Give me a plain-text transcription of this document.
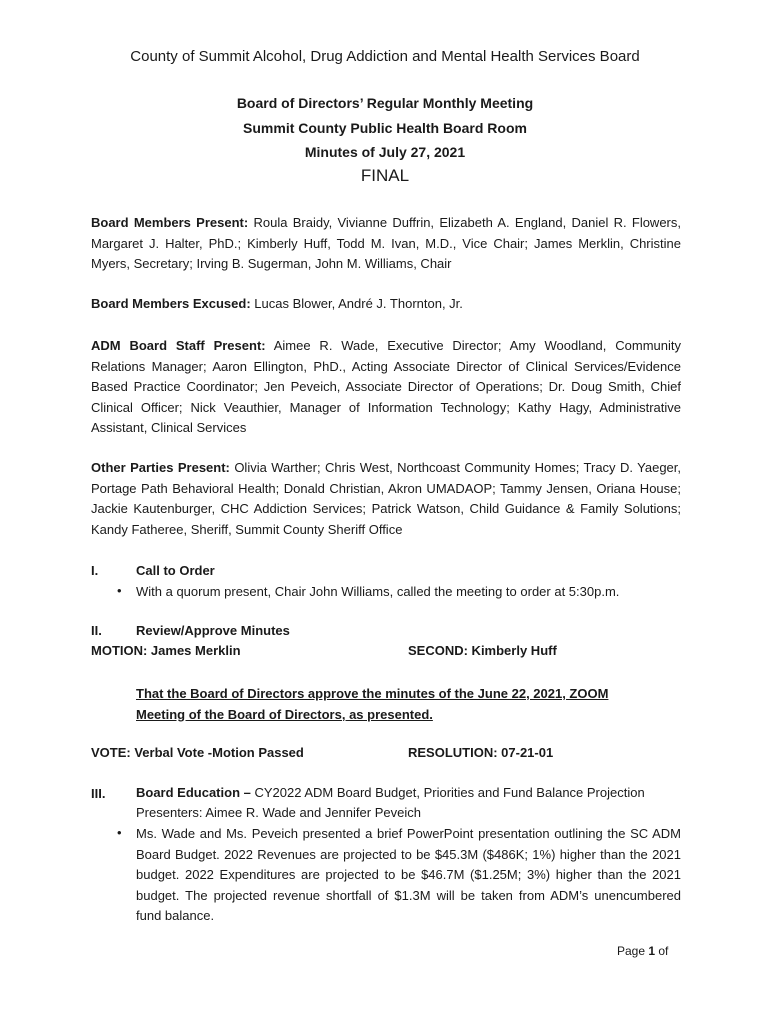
County of Summit Alcohol, Drug Addiction and Mental Health Services Board
Board of Directors’ Regular Monthly Meeting
Summit County Public Health Board Room
Minutes of July 27, 2021
FINAL
Board Members Present: Roula Braidy, Vivianne Duffrin, Elizabeth A. England, Daniel R. Flowers, Margaret J. Halter, PhD.; Kimberly Huff, Todd M. Ivan, M.D., Vice Chair; James Merklin, Christine Myers, Secretary; Irving B. Sugerman, John M. Williams, Chair
Board Members Excused: Lucas Blower, André J. Thornton, Jr.
ADM Board Staff Present: Aimee R. Wade, Executive Director; Amy Woodland, Community Relations Manager; Aaron Ellington, PhD., Acting Associate Director of Clinical Services/Evidence Based Practice Coordinator; Jen Peveich, Associate Director of Operations; Dr. Doug Smith, Chief Clinical Officer; Nick Veauthier, Manager of Information Technology; Kathy Hagy, Administrative Assistant, Clinical Services
Other Parties Present: Olivia Warther; Chris West, Northcoast Community Homes; Tracy D. Yaeger, Portage Path Behavioral Health; Donald Christian, Akron UMADAOP; Tammy Jensen, Oriana House; Jackie Kautenburger, CHC Addiction Services; Patrick Watson, Child Guidance & Family Solutions; Kandy Fatheree, Sheriff, Summit County Sheriff Office
I.	Call to Order
• With a quorum present, Chair John Williams, called the meeting to order at 5:30p.m.
II.	Review/Approve Minutes
MOTION: James Merklin	SECOND: Kimberly Huff
That the Board of Directors approve the minutes of the June 22, 2021, ZOOM Meeting of the Board of Directors, as presented.
VOTE: Verbal Vote -Motion Passed	RESOLUTION: 07-21-01
III. Board Education – CY2022 ADM Board Budget, Priorities and Fund Balance Projection
Presenters: Aimee R. Wade and Jennifer Peveich
• Ms. Wade and Ms. Peveich presented a brief PowerPoint presentation outlining the SC ADM Board Budget. 2022 Revenues are projected to be $45.3M ($486K; 1%) higher than the 2021 budget. 2022 Expenditures are projected to be $46.7M ($1.25M; 3%) higher than the 2021 budget. The projected revenue shortfall of $1.3M will be taken from ADM’s unencumbered fund balance.
Page 1 of
